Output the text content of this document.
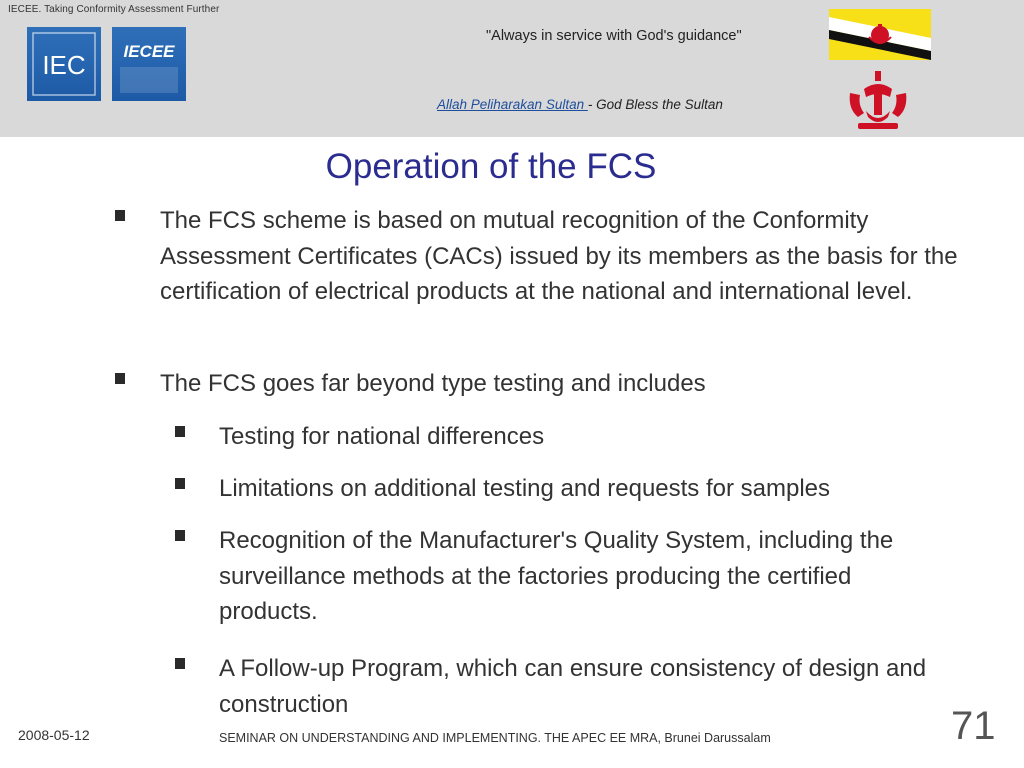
IECEE. Taking Conformity Assessment Further
IEC IECEE
"Always in service with God's guidance"
Allah Peliharakan Sultan - God Bless the Sultan
Operation of the FCS
The FCS scheme is based on mutual recognition of the Conformity Assessment Certificates (CACs) issued by its members as the basis for the certification of electrical products at the national and international level.
The FCS goes far beyond type testing and includes
Testing for national differences
Limitations on additional testing and requests for samples
Recognition of the Manufacturer's Quality System, including the surveillance methods at the factories producing the certified products.
A Follow-up Program, which can ensure consistency of design and construction
2008-05-12	SEMINAR ON UNDERSTANDING AND IMPLEMENTING. THE APEC EE MRA, Brunei Darussalam	71
